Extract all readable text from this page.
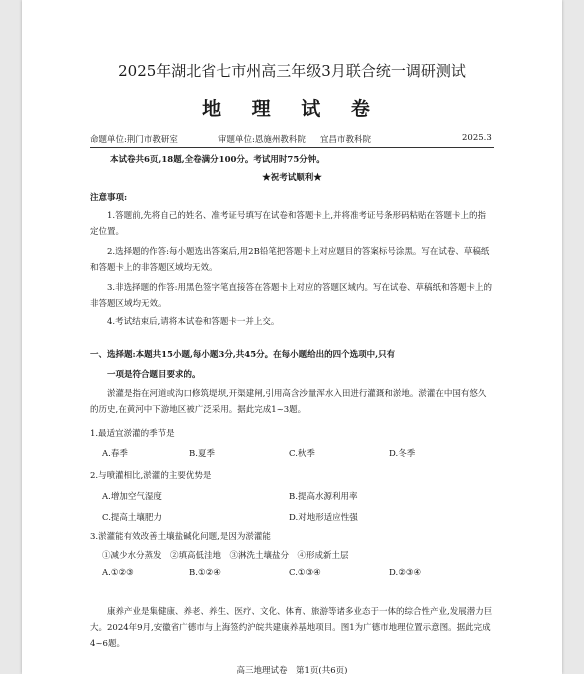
2025年湖北省七市州高三年级3月联合统一调研测试
地 理 试 卷
命题单位:荆门市教研室	审题单位:恩施州教科院 宜昌市教科院	2025.3
本试卷共6页,18题,全卷满分100分。考试用时75分钟。
★祝考试顺利★
注意事项:
1.答题前,先将自己的姓名、准考证号填写在试卷和答题卡上,并将准考证号条形码粘贴在答题卡上的指定位置。
2.选择题的作答:每小题选出答案后,用2B铅笔把答题卡上对应题目的答案标号涂黑。写在试卷、草稿纸和答题卡上的非答题区域均无效。
3.非选择题的作答:用黑色签字笔直接答在答题卡上对应的答题区域内。写在试卷、草稿纸和答题卡上的非答题区域均无效。
4.考试结束后,请将本试卷和答题卡一并上交。
一、选择题:本题共15小题,每小题3分,共45分。在每小题给出的四个选项中,只有
一项是符合题目要求的。
淤灌是指在河道或沟口修筑堤坝,开渠建闸,引用高含沙量浑水入田进行灌溉和淤地。淤灌在中国有悠久的历史,在黄河中下游地区被广泛采用。据此完成1~3题。
1.最适宜淤灌的季节是
A.春季	B.夏季	C.秋季	D.冬季
2.与喷灌相比,淤灌的主要优势是
A.增加空气湿度	B.提高水源利用率
C.提高土壤肥力	D.对地形适应性强
3.淤灌能有效改善土壤盐碱化问题,是因为淤灌能
①减少水分蒸发　②填高低洼地　③淋洗土壤盐分　④形成新土层
A.①②③	B.①②④	C.①③④	D.②③④
康养产业是集健康、养老、养生、医疗、文化、体育、旅游等诸多业态于一体的综合性产业,发展潜力巨大。2024年9月,安徽省广德市与上海签约沪皖共建康养基地项目。图1为广德市地理位置示意图。据此完成4~6题。
高三地理试卷　第1页(共6页)
